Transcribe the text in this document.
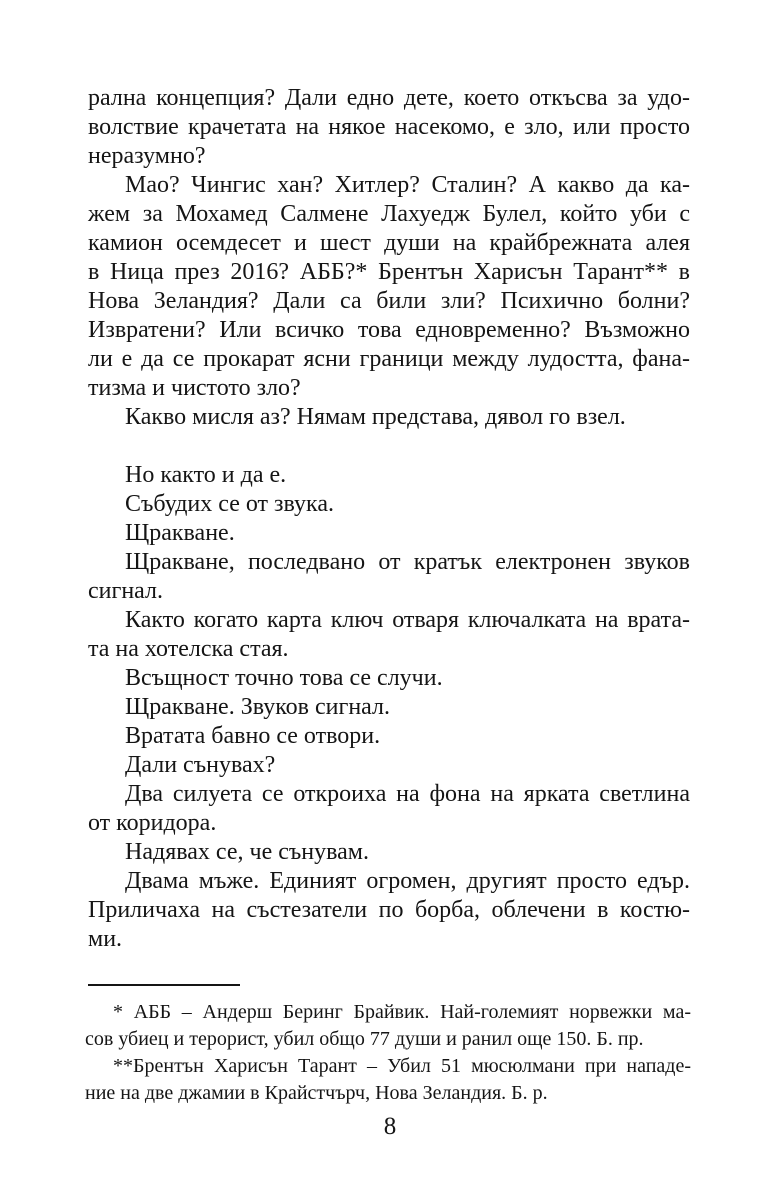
рална концепция? Дали едно дете, което откъсва за удо-
волствие крачетата на някое насекомо, е зло, или просто
неразумно?
Мао? Чингис хан? Хитлер? Сталин? А какво да ка-
жем за Мохамед Салмене Лахуедж Булел, който уби с
камион осемдесет и шест души на крайбрежната алея
в Ница през 2016? АББ?* Брентън Харисън Тарант** в
Нова Зеландия? Дали са били зли? Психично болни?
Извратени? Или всичко това едновременно? Възможно
ли е да се прокарат ясни граници между лудостта, фана-
тизма и чистото зло?
Какво мисля аз? Нямам представа, дявол го взел.
Но както и да е.
Събудих се от звука.
Щракване.
Щракване, последвано от кратък електронен звуков
сигнал.
Както когато карта ключ отваря ключалката на врата-
та на хотелска стая.
Всъщност точно това се случи.
Щракване. Звуков сигнал.
Вратата бавно се отвори.
Дали сънувах?
Два силуета се откроиха на фона на ярката светлина
от коридора.
Надявах се, че сънувам.
Двама мъже. Единият огромен, другият просто едър.
Приличаха на състезатели по борба, облечени в костю-
ми.
* АББ – Андерш Беринг Брайвик. Най-големият норвежки ма-
сов убиец и терорист, убил общо 77 души и ранил още 150. Б. пр.
**Брентън Харисън Тарант – Убил 51 мюсюлмани при нападе-
ние на две джамии в Крайстчърч, Нова Зеландия. Б. р.
8
